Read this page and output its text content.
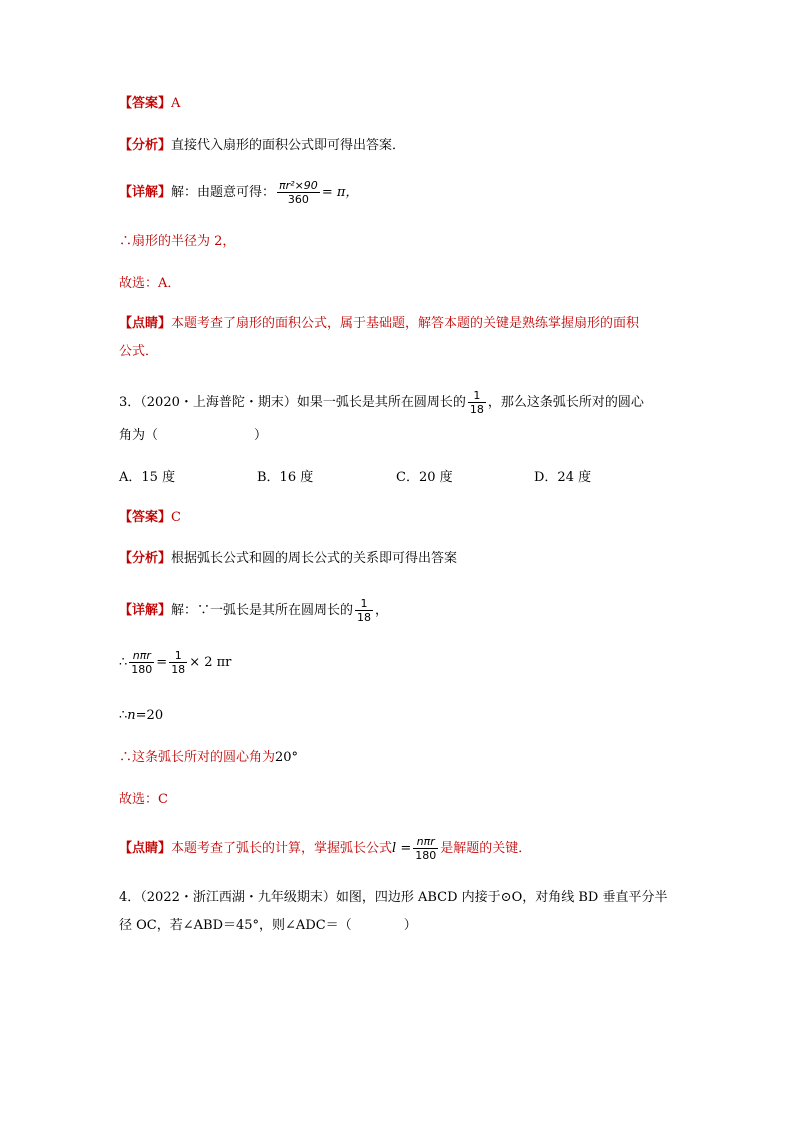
【答案】A
【分析】直接代入扇形的面积公式即可得出答案．
【详解】解：由题意可得： $\frac{\text{πr²×90}}{360} = \pi$，
∴扇形的半径为 2，
故选：A．
【点睛】本题考查了扇形的面积公式，属于基础题，解答本题的关键是熟练掌握扇形的面积
公式．
3．（2020・上海普陀・期末）如果一弧长是其所在圆周长的 $\frac{1}{18}$ ，那么这条弧长所对的圆心
角为（	）
A．15 度	B．16 度	C．20 度	D．24 度
【答案】C
【分析】根据弧长公式和圆的周长公式的关系即可得出答案
【详解】解：∵一弧长是其所在圆周长的 $\frac{1}{18}$ ，
∴ $\frac{\text{nπr}}{180} = \frac{1}{18} \times 2$ πr
∴n=20
∴这条弧长所对的圆心角为20°
故选：C
【点睛】本题考查了弧长的计算，掌握弧长公式$l = \frac{\text{nπr}}{180}$ 是解题的关键．
4．（2022・浙江西湖・九年级期末）如图，四边形 ABCD 内接于⊙O，对角线 BD 垂直平分半
径 OC，若∠ABD＝45°，则∠ADC＝（	）
